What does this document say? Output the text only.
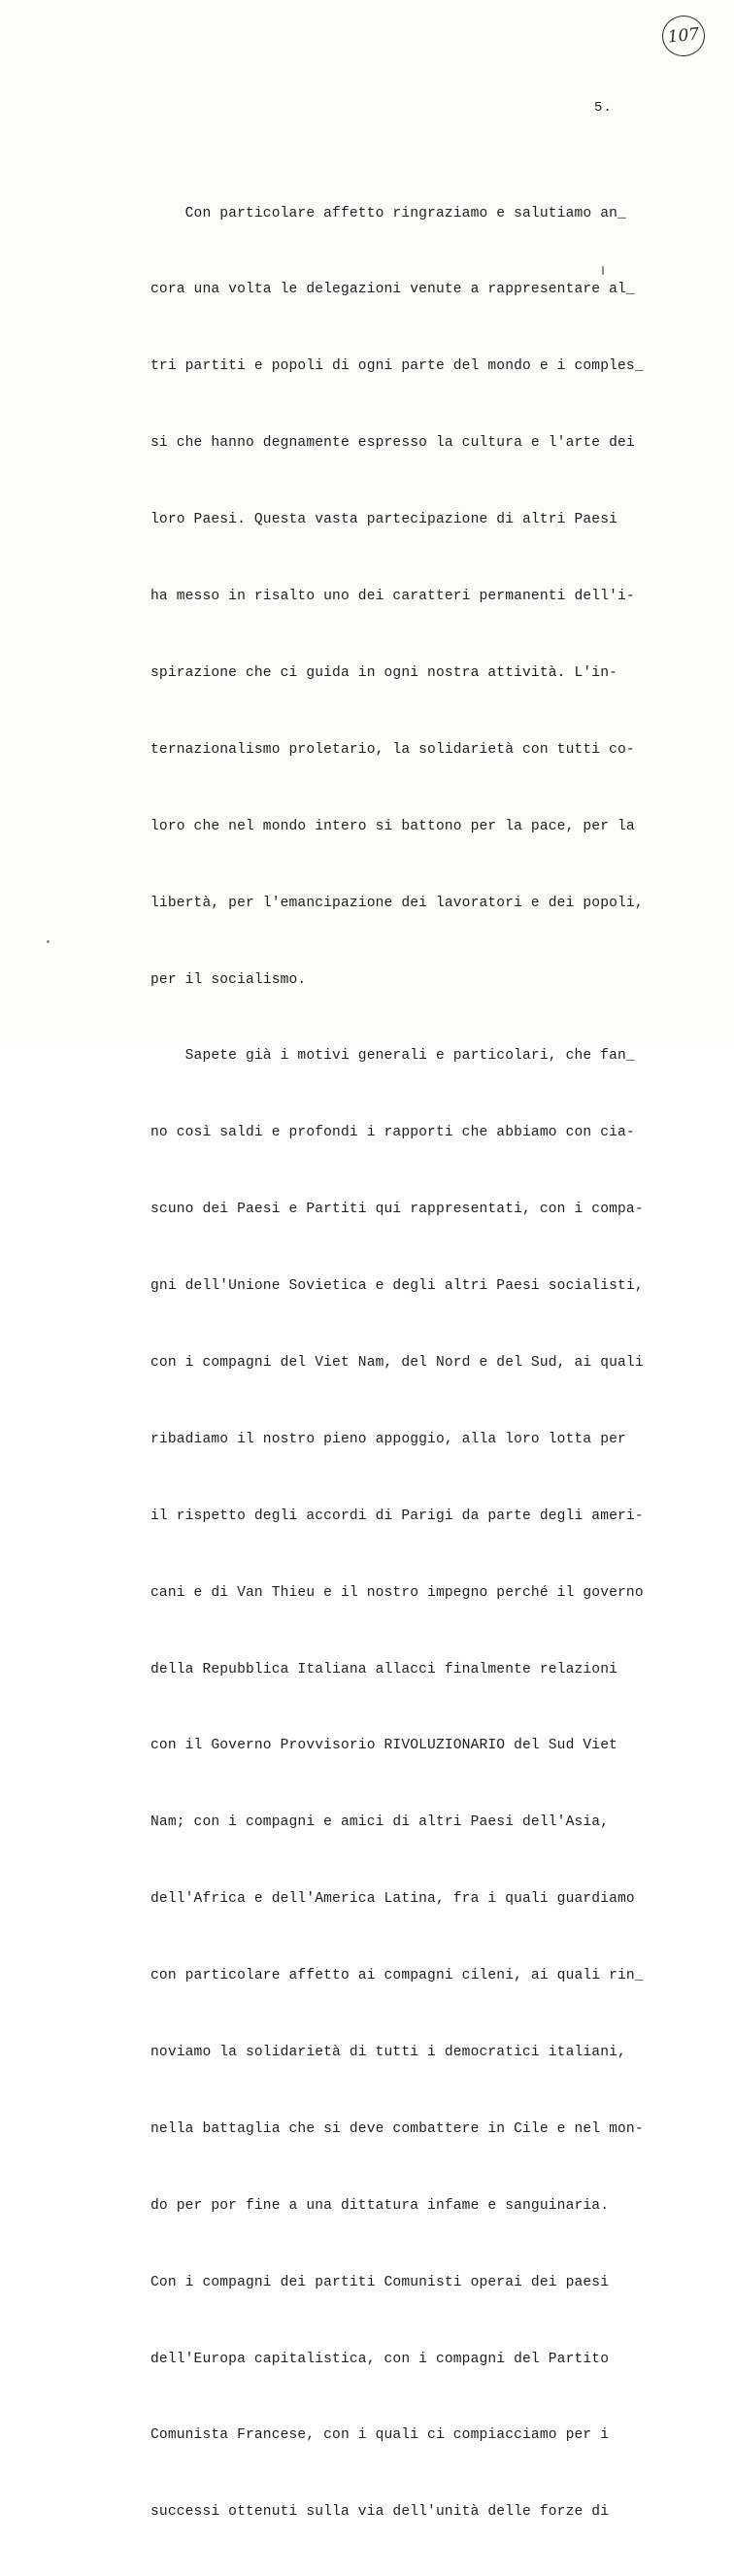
107
5.

Con particolare affetto ringraziamo e salutiamo an_

cora una volta le delegazioni venute a rappresentare al_

tri partiti e popoli di ogni parte del mondo e i comples_

si che hanno degnamente espresso la cultura e l'arte dei

loro Paesi. Questa vasta partecipazione di altri Paesi

ha messo in risalto uno dei caratteri permanenti dell'i-

spirazione che ci guida in ogni nostra attività. L'in-

ternazionalismo proletario, la solidarietà con tutti co-

loro che nel mondo intero si battono per la pace, per la

libertà, per l'emancipazione dei lavoratori e dei popoli,

per il socialismo.

Sapete già i motivi generali e particolari, che fan_

no così saldi e profondi i rapporti che abbiamo con cia-

scuno dei Paesi e Partiti qui rappresentati, con i compa-

gni dell'Unione Sovietica e degli altri Paesi socialisti,

con i compagni del Viet Nam, del Nord e del Sud, ai quali

ribadiamo il nostro pieno appoggio, alla loro lotta per

il rispetto degli accordi di Parigi da parte degli ameri-

cani e di Van Thieu e il nostro impegno perché il governo

della Repubblica Italiana allacci finalmente relazioni

con il Governo Provvisorio RIVOLUZIONARIO del Sud Viet

Nam; con i compagni e amici di altri Paesi dell'Asia,

dell'Africa e dell'America Latina, fra i quali guardiamo

con particolare affetto ai compagni cileni, ai quali rin_

noviamo la solidarietà di tutti i democratici italiani,

nella battaglia che si deve combattere in Cile e nel mon-

do per por fine a una dittatura infame e sanguinaria.

Con i compagni dei partiti Comunisti operai dei paesi

dell'Europa capitalistica, con i compagni del Partito

Comunista Francese, con i quali ci compiacciamo per i

successi ottenuti sulla via dell'unità delle forze di
